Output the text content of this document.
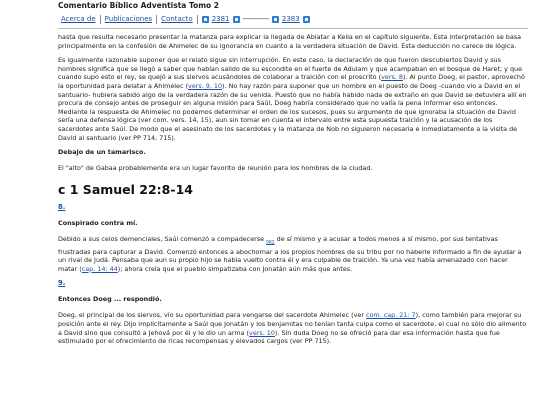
Comentario Bíblico Adventista Tomo 2
Acerca de	Publicaciones	Contacto	2381 ------------- 2383

hasta que resulta necesario presentar la matanza para explicar la llegada de Abiatar a Keila en el capítulo siguiente. Esta interpretación se basa principalmente en la confesión de Ahimelec de su ignorancia en cuanto a la verdadera situación de David. Esta deducción no carece de lógica.

Es igualmente razonable suponer que el relato sigue sin interrupción. En este caso, la declaración de que fueron descubiertos David y sus hombres significa que se llegó a saber que habían salido de su escondite en el fuerte de Adulam y que acampaban en el bosque de Haret; y que cuando supo esto el rey, se quejó a sus siervos acusándoles de colaborar a traición con el proscrito (vers. 8). Al punto Doeg, el pastor, aprovechó la oportunidad para delatar a Ahimelec (vers. 9, 10). No hay razón para suponer que un hombre en el puesto de Doeg -cuando vio a David en el santuario- hubiera sabido algo de la verdadera razón de su venida. Puesto que no había habido nada de extraño en que David se detuviera allí en procura de consejo antes de proseguir en alguna misión para Saúl, Doeg habría considerado que no valía la pena informar eso entonces. Mediante la respuesta de Ahimelec no podemos determinar el orden de los sucesos, pues su argumento de que ignoraba la situación de David sería una defensa lógica (ver com. vers. 14, 15), aun sin tomar en cuenta el intervalo entre esta supuesta traición y la acusación de los sacerdotes ante Saúl. De modo que el asesinato de los sacerdotes y la matanza de Nob no siguieron necesaria e inmediatamente a la visita de David al santuario (ver PP 714, 715).

Debajo de un tamarisco.

El "alto" de Gabaa probablemente era un lugar favorito de reunión para los hombres de la ciudad.

c 1 Samuel 22:8-14
8.
Conspirado contra mí.

Debido a sus celos demenciales, Saúl comenzó a compadecerse $_{982}$ de sí mismo y a acusar a todos menos a sí mismo, por sus tentativas frustradas para capturar a David. Comenzó entonces a abochornar a los propios hombres de su tribu por no haberle informado a fin de ayudar a un rival de Judá. Pensaba que aun su propio hijo se había vuelto contra él y era culpable de traición. Ya una vez había amenazado con hacer matar (cap. 14: 44); ahora creía que el pueblo simpatizaba con Jonatán aún más que antes.

9.
Entonces Doeg ... respondió.

Doeg, el principal de los siervos, vio su oportunidad para vengarse del sacerdote Ahimelec (ver com. cap. 21: 7), como también para mejorar su posición ante el rey. Dijo implícitamente a Saúl que Jonatán y los benjamitas no tenían tanta culpa como el sacerdote, el cual no sólo dio alimento a David sino que consultó a Jehová por él y le dio un arma (vers. 10). Sin duda Doeg no se ofreció para dar esa información hasta que fue estimulado por el ofrecimiento de ricas recompensas y elevados cargos (ver PP 715).
